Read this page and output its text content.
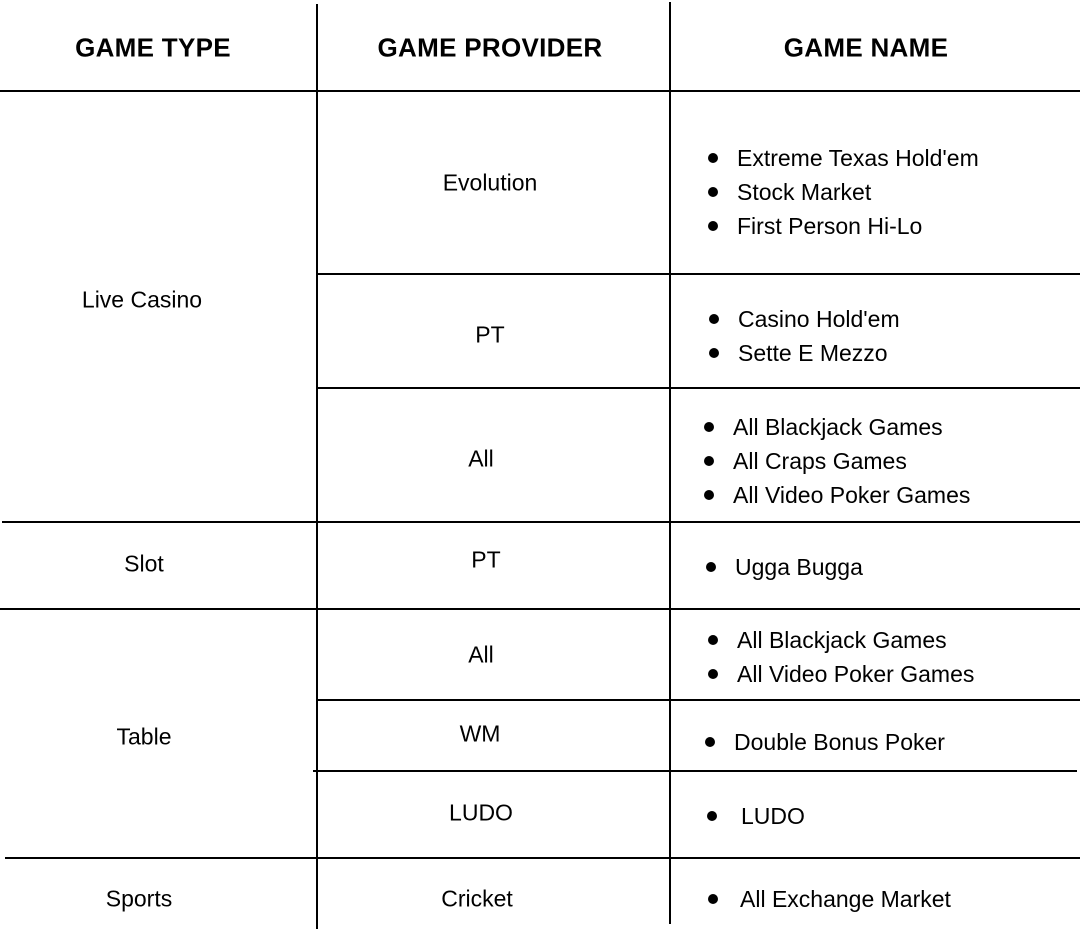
GAME TYPE	GAME PROVIDER	GAME NAME
Live Casino
Slot
Table
Sports
Evolution
PT
All
PT
All
WM
LUDO
Cricket
Extreme Texas Hold'em
Stock Market
First Person Hi-Lo
Casino Hold'em
Sette E Mezzo
All Blackjack Games
All Craps Games
All Video Poker Games
Ugga Bugga
All Blackjack Games
All Video Poker Games
Double Bonus Poker
LUDO
All Exchange Market
